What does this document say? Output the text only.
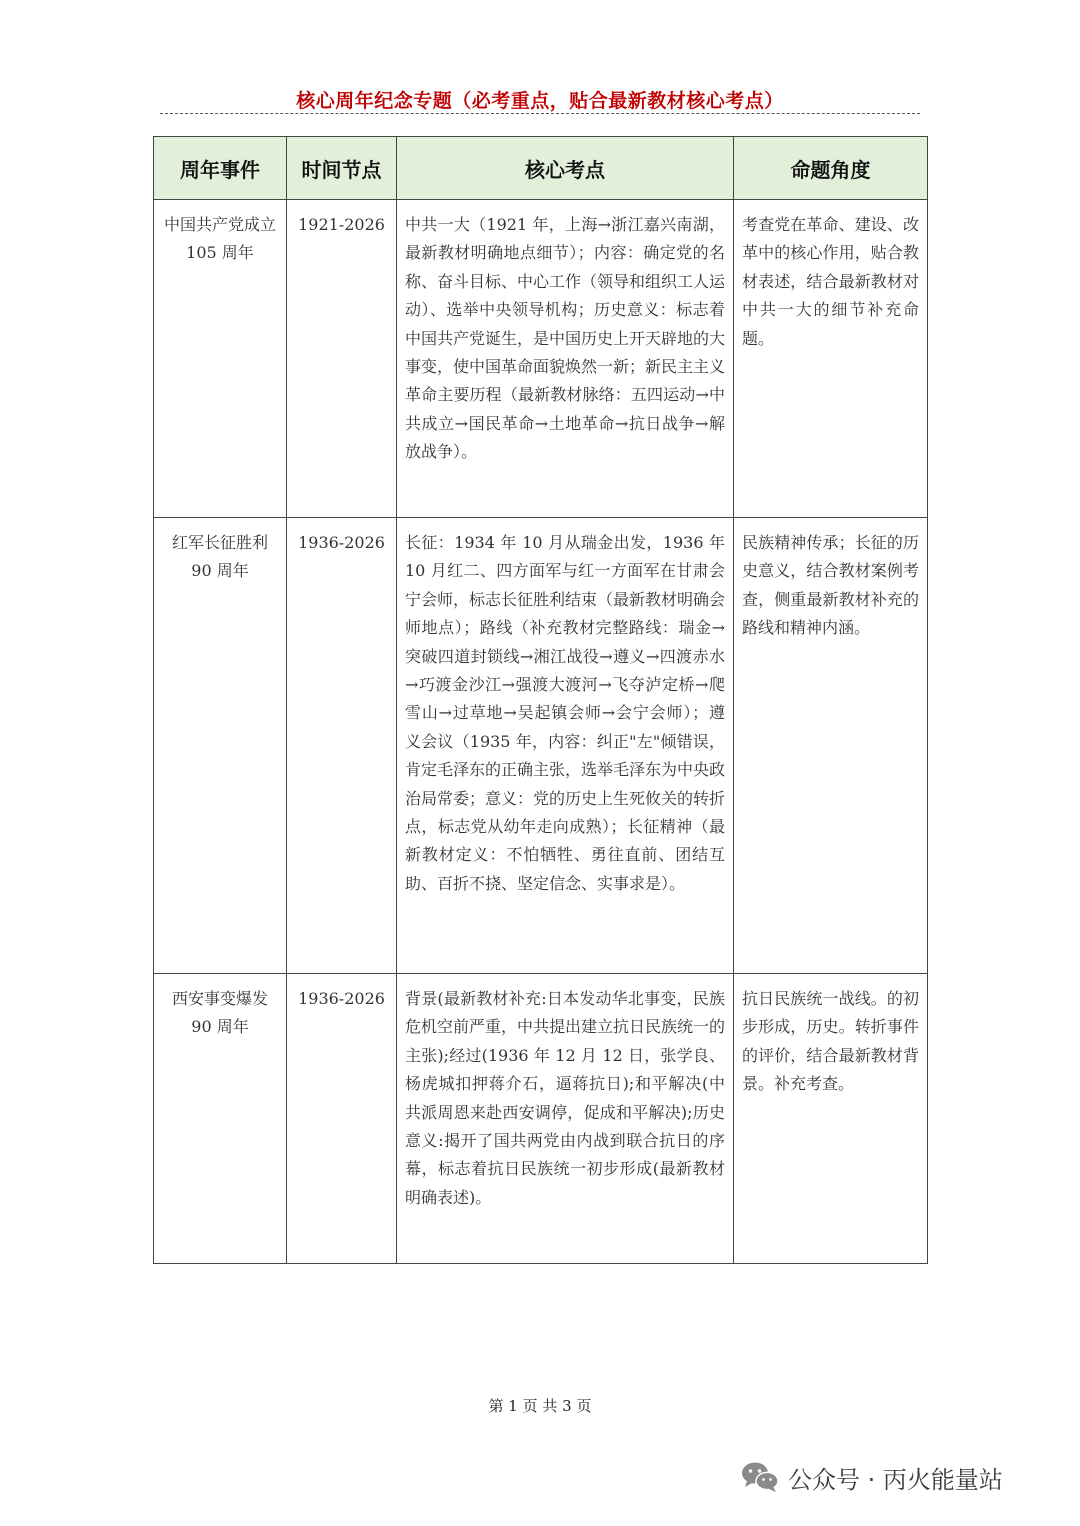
核心周年纪念专题（必考重点，贴合最新教材核心考点）
周年事件	时间节点	核心考点	命题角度
中国共产党成立 105 周年	1921-2026	中共一大（1921 年，上海→浙江嘉兴南湖，最新教材明确地点细节）；内容：确定党的名称、奋斗目标、中心工作（领导和组织工人运动）、选举中央领导机构；历史意义：标志着中国共产党诞生，是中国历史上开天辟地的大事变，使中国革命面貌焕然一新；新民主主义革命主要历程（最新教材脉络：五四运动→中共成立→国民革命→土地革命→抗日战争→解放战争）。	考查党在革命、建设、改革中的核心作用，贴合教材表述，结合最新教材对中共一大的细节补充命题。
红军长征胜利 90 周年	1936-2026	长征：1934 年 10 月从瑞金出发，1936 年 10 月红二、四方面军与红一方面军在甘肃会宁会师，标志长征胜利结束（最新教材明确会师地点）；路线（补充教材完整路线：瑞金→突破四道封锁线→湘江战役→遵义→四渡赤水→巧渡金沙江→强渡大渡河→飞夺泸定桥→爬雪山→过草地→吴起镇会师→会宁会师）；遵义会议（1935 年，内容：纠正"左"倾错误，肯定毛泽东的正确主张，选举毛泽东为中央政治局常委；意义：党的历史上生死攸关的转折点，标志党从幼年走向成熟）；长征精神（最新教材定义：不怕牺牲、勇往直前、团结互助、百折不挠、坚定信念、实事求是）。	民族精神传承；长征的历史意义，结合教材案例考查，侧重最新教材补充的路线和精神内涵。
西安事变爆发 90 周年	1936-2026	背景(最新教材补充:日本发动华北事变，民族危机空前严重，中共提出建立抗日民族统一的主张);经过(1936 年 12 月 12 日，张学良、杨虎城扣押蒋介石，逼蒋抗日);和平解决(中共派周恩来赴西安调停，促成和平解决);历史意义:揭开了国共两党由内战到联合抗日的序幕，标志着抗日民族统一初步形成(最新教材明确表述)。	抗日民族统一战线。的初步形成，历史。转折事件的评价，结合最新教材背景。补充考查。
第 1 页 共 3 页
公众号 · 丙火能量站
